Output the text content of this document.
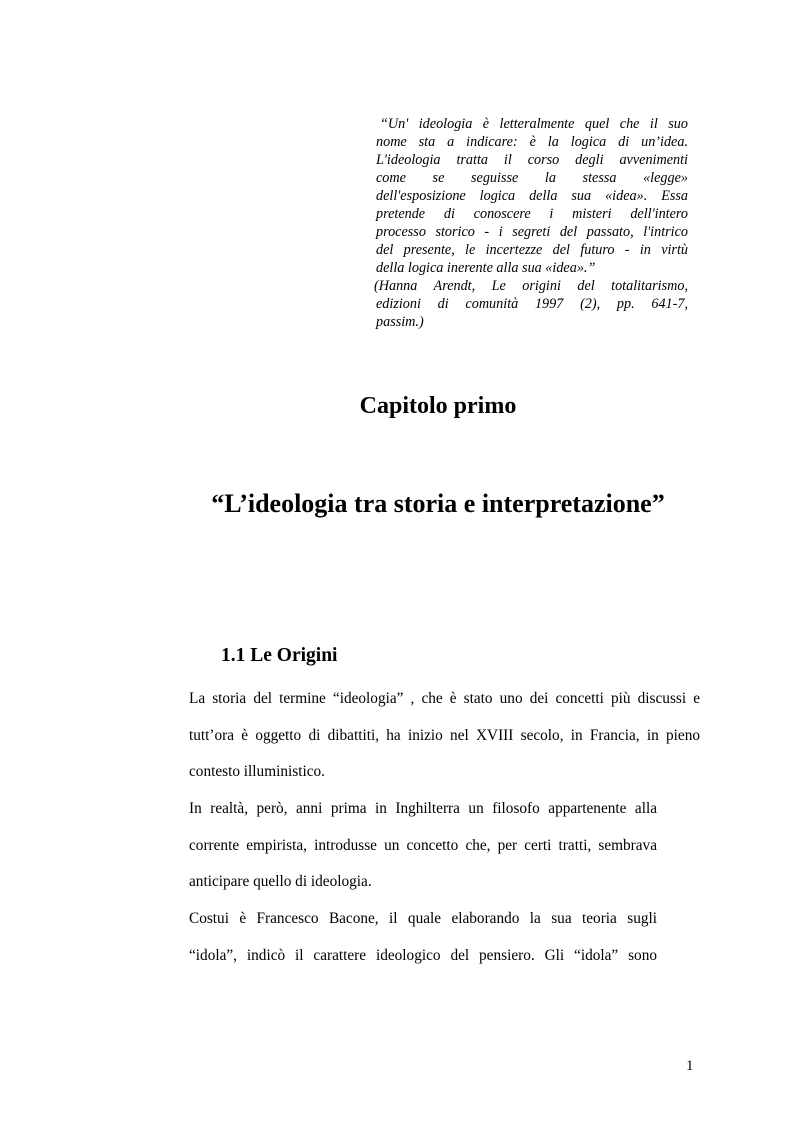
“Un' ideologia è letteralmente quel che il suo
nome sta a indicare: è la logica di un’idea.
L'ideologia tratta il corso degli avvenimenti
come se seguisse la stessa «legge»
dell'esposizione logica della sua «idea». Essa
pretende di conoscere i misteri dell'intero
processo storico - i segreti del passato, l'intrico
del presente, le incertezze del futuro - in virtù
della logica inerente alla sua «idea».”
(Hanna Arendt, Le origini del totalitarismo,
edizioni di comunità 1997 (2), pp. 641-7,
passim.)
Capitolo primo
“L’ideologia tra storia e interpretazione”
1.1 Le Origini
La storia del termine “ideologia” , che è stato uno dei concetti più discussi e
tutt’ora è oggetto di dibattiti, ha inizio nel XVIII secolo, in Francia, in pieno
contesto illuministico.
In realtà, però, anni prima in Inghilterra un filosofo appartenente alla
corrente empirista, introdusse un concetto che, per certi tratti, sembrava
anticipare quello di ideologia.
Costui è Francesco Bacone, il quale elaborando la sua teoria sugli
“idola”, indicò il carattere ideologico del pensiero. Gli “idola” sono
1
